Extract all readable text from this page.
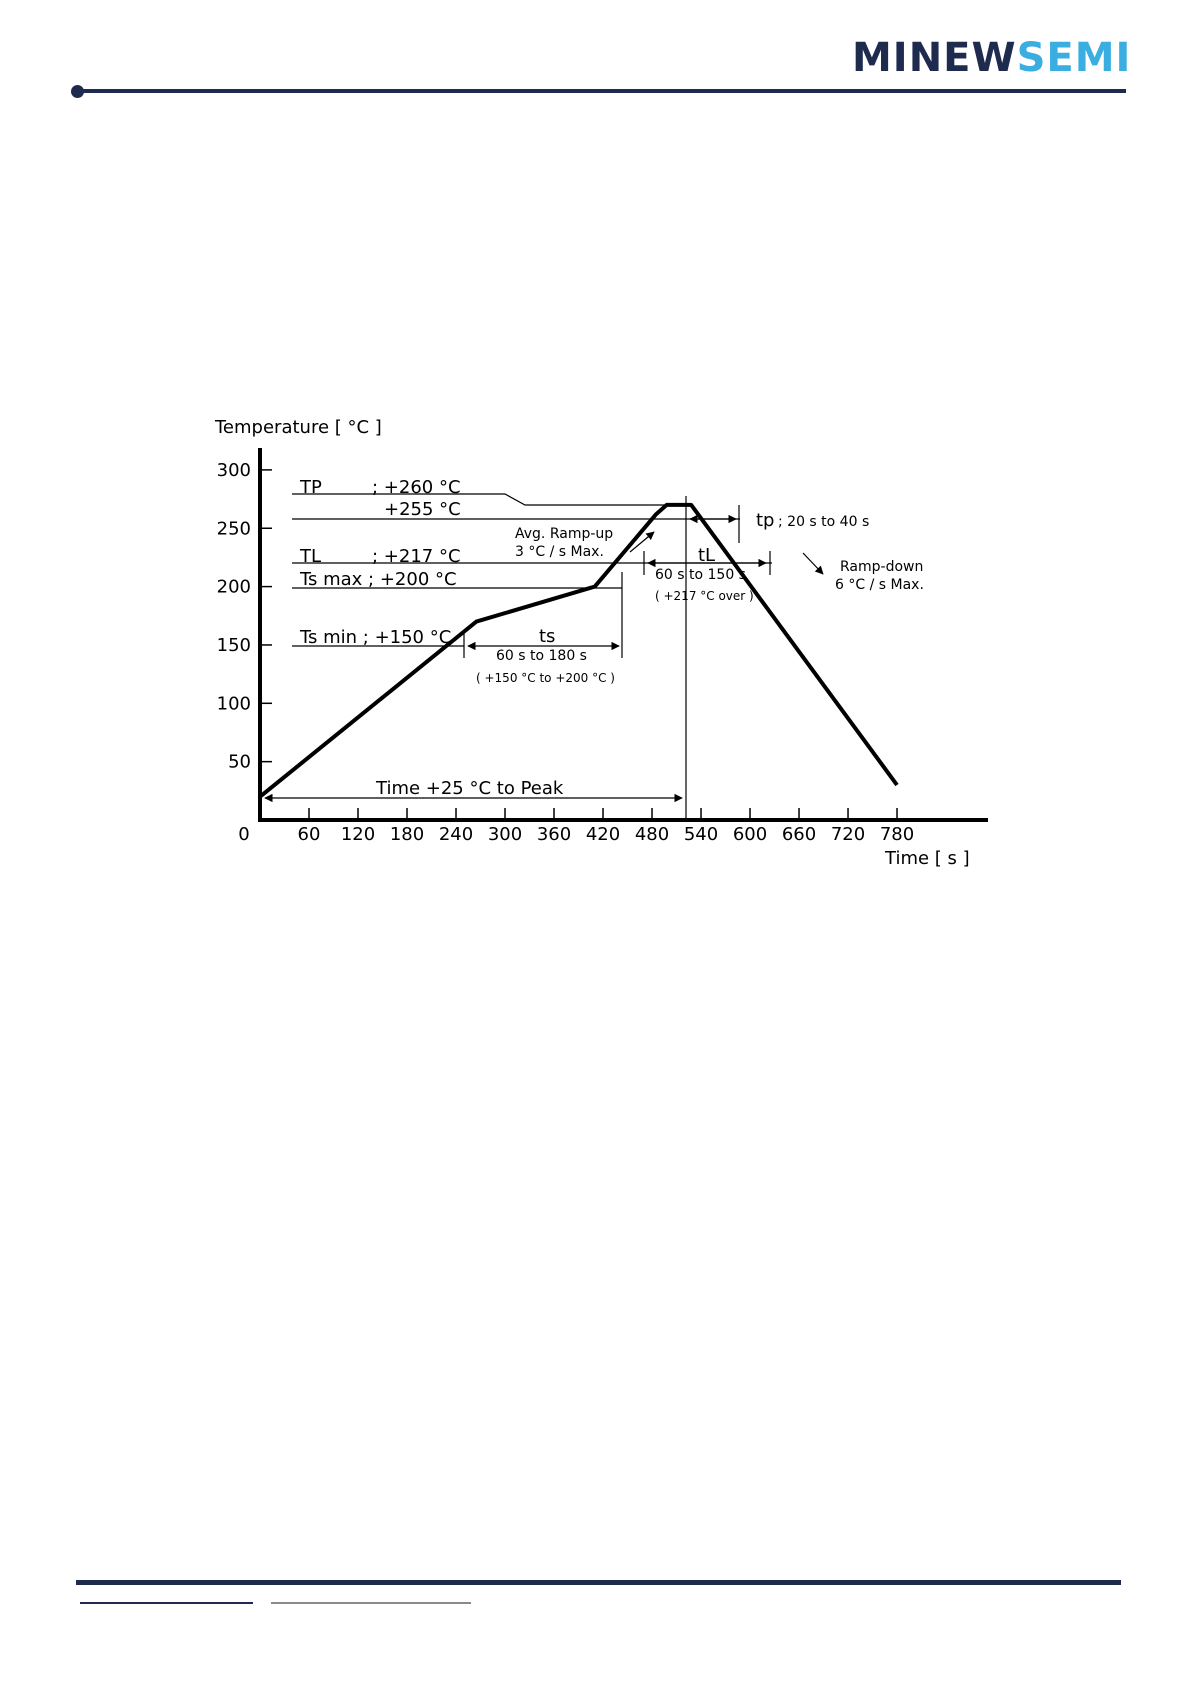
MINEWSEMI
60 120 180 240 300 360 420 480 540 600 660 720 780
50
100
150
200
250
300
Temperature [ °C ]
Time [ s ]
0
TP	; +260 °C
+255 °C
TL	; +217 °C
Ts max ; +200 °C
Ts min ; +150 °C
Avg. Ramp-up
3 °C / s Max.	tL
60 s to 150 s
( +217 °C over )
tp ; 20 s to 40 s
Ramp-down
6 °C / s Max.
ts
60 s to 180 s
( +150 °C to +200 °C )
Time +25 °C to Peak
